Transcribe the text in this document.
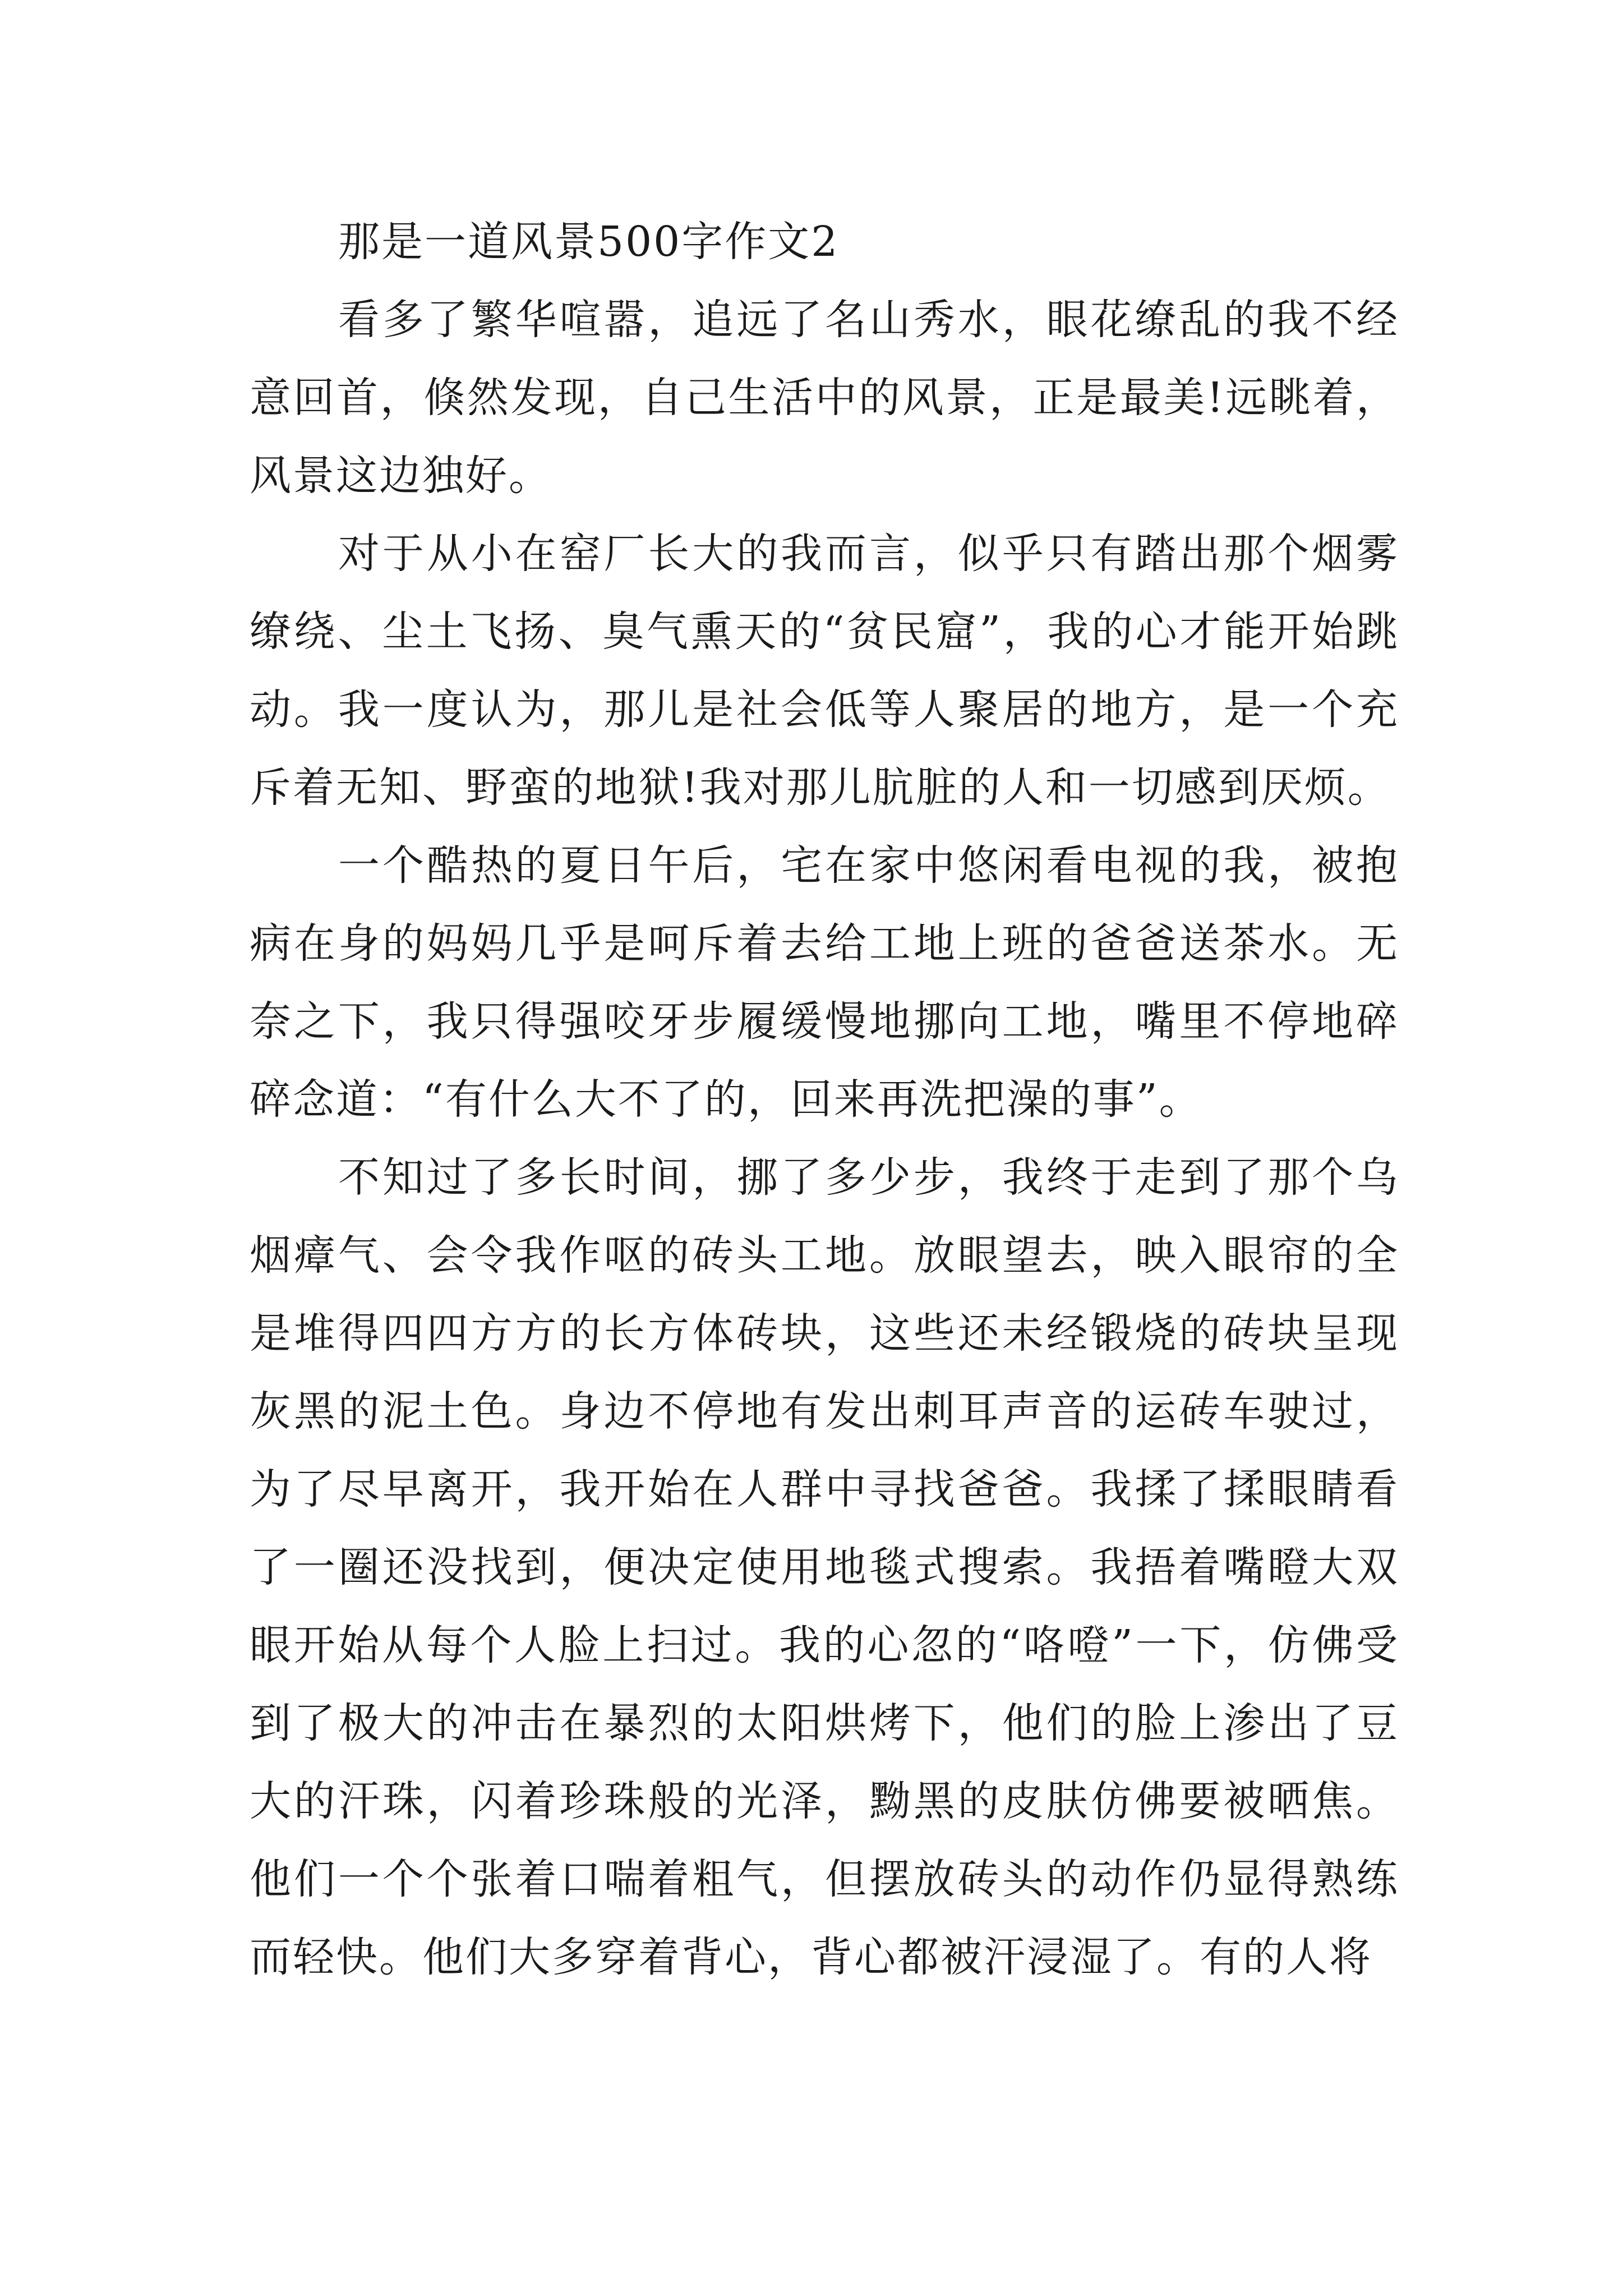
那是一道风景500字作文2

看多了繁华喧嚣，追远了名山秀水，眼花缭乱的我不经意回首，倏然发现，自己生活中的风景，正是最美!远眺着，风景这边独好。

对于从小在窑厂长大的我而言，似乎只有踏出那个烟雾缭绕、尘土飞扬、臭气熏天的“贫民窟”，我的心才能开始跳动。我一度认为，那儿是社会低等人聚居的地方，是一个充斥着无知、野蛮的地狱!我对那儿肮脏的人和一切感到厌烦。

一个酷热的夏日午后，宅在家中悠闲看电视的我，被抱病在身的妈妈几乎是呵斥着去给工地上班的爸爸送茶水。无奈之下，我只得强咬牙步履缓慢地挪向工地，嘴里不停地碎碎念道：“有什么大不了的，回来再洗把澡的事”。

不知过了多长时间，挪了多少步，我终于走到了那个乌烟瘴气、会令我作呕的砖头工地。放眼望去，映入眼帘的全是堆得四四方方的长方体砖块，这些还未经锻烧的砖块呈现灰黑的泥土色。身边不停地有发出刺耳声音的运砖车驶过，为了尽早离开，我开始在人群中寻找爸爸。我揉了揉眼睛看了一圈还没找到，便决定使用地毯式搜索。我捂着嘴瞪大双眼开始从每个人脸上扫过。我的心忽的“咯噔”一下，仿佛受到了极大的冲击在暴烈的太阳烘烤下，他们的脸上渗出了豆大的汗珠，闪着珍珠般的光泽，黝黑的皮肤仿佛要被晒焦。他们一个个张着口喘着粗气，但摆放砖头的动作仍显得熟练而轻快。他们大多穿着背心，背心都被汗浸湿了。有的人将
